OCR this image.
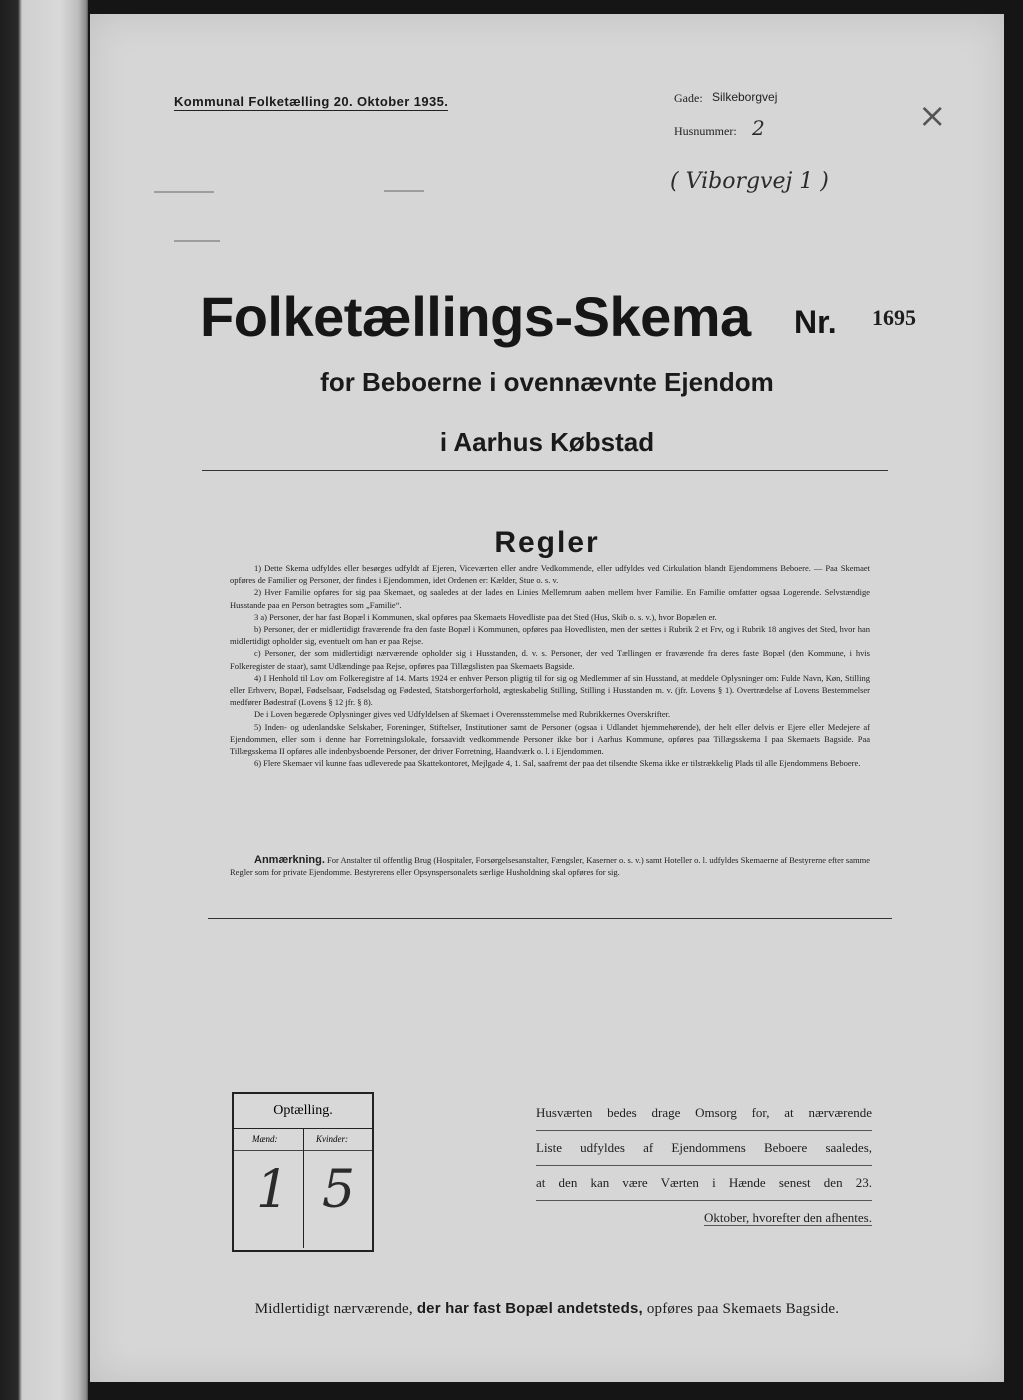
Kommunal Folketælling 20. Oktober 1935.	Gade: Silkeborgvej
Husnummer: 2
( Viborgvej 1 )
×
Folketællings-Skema Nr. 1695
for Beboerne i ovennævnte Ejendom
i Aarhus Købstad
Regler

1) Dette Skema udfyldes eller besørges udfyldt af Ejeren, Viceværten eller andre Vedkommende, eller udfyldes ved Cirkulation blandt Ejendommens Beboere. — Paa Skemaet opføres de Familier og Personer, der findes i Ejendommen, idet Ordenen er: Kælder, Stue o. s. v.

2) Hver Familie opføres for sig paa Skemaet, og saaledes at der lades en Linies Mellemrum aaben mellem hver Familie. En Familie omfatter ogsaa Logerende. Selvstændige Husstande paa en Person betragtes som „Familie“.

3 a) Personer, der har fast Bopæl i Kommunen, skal opføres paa Skemaets Hovedliste paa det Sted (Hus, Skib o. s. v.), hvor Bopælen er.

b) Personer, der er midlertidigt fraværende fra den faste Bopæl i Kommunen, opføres paa Hovedlisten, men der sættes i Rubrik 2 et Frv, og i Rubrik 18 angives det Sted, hvor han midlertidigt opholder sig, eventuelt om han er paa Rejse.

c) Personer, der som midlertidigt nærværende opholder sig i Husstanden, d. v. s. Personer, der ved Tællingen er fraværende fra deres faste Bopæl (den Kommune, i hvis Folkeregister de staar), samt Udlændinge paa Rejse, opføres paa Tillægslisten paa Skemaets Bagside.

4) I Henhold til Lov om Folkeregistre af 14. Marts 1924 er enhver Person pligtig til for sig og Medlemmer af sin Husstand, at meddele Oplysninger om: Fulde Navn, Køn, Stilling eller Erhverv, Bopæl, Fødselsaar, Fødselsdag og Fødested, Statsborgerforhold, ægteskabelig Stilling, Stilling i Husstanden m. v. (jfr. Lovens § 1). Overtrædelse af Lovens Bestemmelser medfører Bødestraf (Lovens § 12 jfr. § 8).

De i Loven begærede Oplysninger gives ved Udfyldelsen af Skemaet i Overensstemmelse med Rubrikkernes Overskrifter.

5) Inden- og udenlandske Selskaber, Foreninger, Stiftelser, Institutioner samt de Personer (ogsaa i Udlandet hjemmehørende), der helt eller delvis er Ejere eller Medejere af Ejendommen, eller som i denne har Forretningslokale, forsaavidt vedkommende Personer ikke bor i Aarhus Kommune, opføres paa Tillægsskema I paa Skemaets Bagside. Paa Tillægsskema II opføres alle indenbysboende Personer, der driver Forretning, Haandværk o. l. i Ejendommen.

6) Flere Skemaer vil kunne faas udleverede paa Skattekontoret, Mejlgade 4, 1. Sal, saafremt der paa det tilsendte Skema ikke er tilstrækkelig Plads til alle Ejendommens Beboere.

Anmærkning. For Anstalter til offentlig Brug (Hospitaler, Forsørgelsesanstalter, Fængsler, Kaserner o. s. v.) samt Hoteller o. l. udfyldes Skemaerne af Bestyrerne efter samme Regler som for private Ejendomme. Bestyrerens eller Opsynspersonalets særlige Husholdning skal opføres for sig.
Optælling.
Mænd:	Kvinder:
1 5
Husværten bedes drage Omsorg for, at nærværende
Liste udfyldes af Ejendommens Beboere saaledes,
at den kan være Værten i Hænde senest den 23.
Oktober, hvorefter den afhentes.
Midlertidigt nærværende, der har fast Bopæl andetsteds, opføres paa Skemaets Bagside.
